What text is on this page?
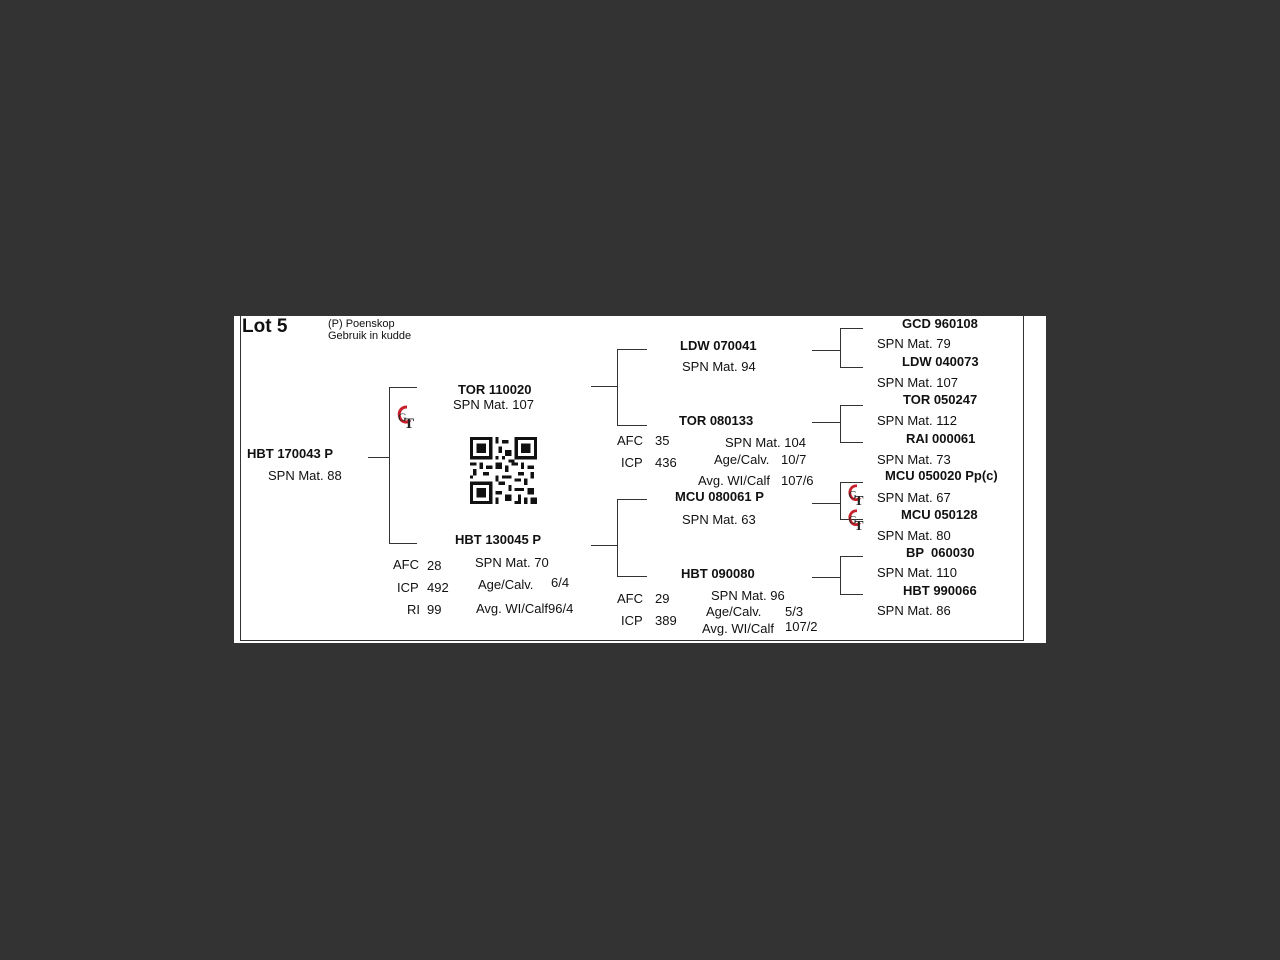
Lot 5	(P) Poenskop
Gebruik in kudde
HBT 170043 P
SPN Mat. 88
T
G
TOR 110020
SPN Mat. 107
HBT 130045 P
SPN Mat. 70
Age/Calv. 6/4
Avg. WI/Calf96/4
AFC 28
ICP 492
RI 99
LDW 070041
SPN Mat. 94
TOR 080133
SPN Mat. 104
AFC 35
ICP 436	Age/Calv. 10/7
Avg. WI/Calf 107/6
MCU 080061 P
SPN Mat. 63
HBT 090080
SPN Mat. 96
AFC 29
ICP 389
Age/Calv. 5/3
Avg. WI/Calf 107/2
T
G
T
G
GCD 960108
SPN Mat. 79
LDW 040073
SPN Mat. 107
TOR 050247
SPN Mat. 112
RAI 000061
SPN Mat. 73
MCU 050020 Pp(c)
SPN Mat. 67
MCU 050128
SPN Mat. 80
BP  060030
SPN Mat. 110
HBT 990066
SPN Mat. 86
